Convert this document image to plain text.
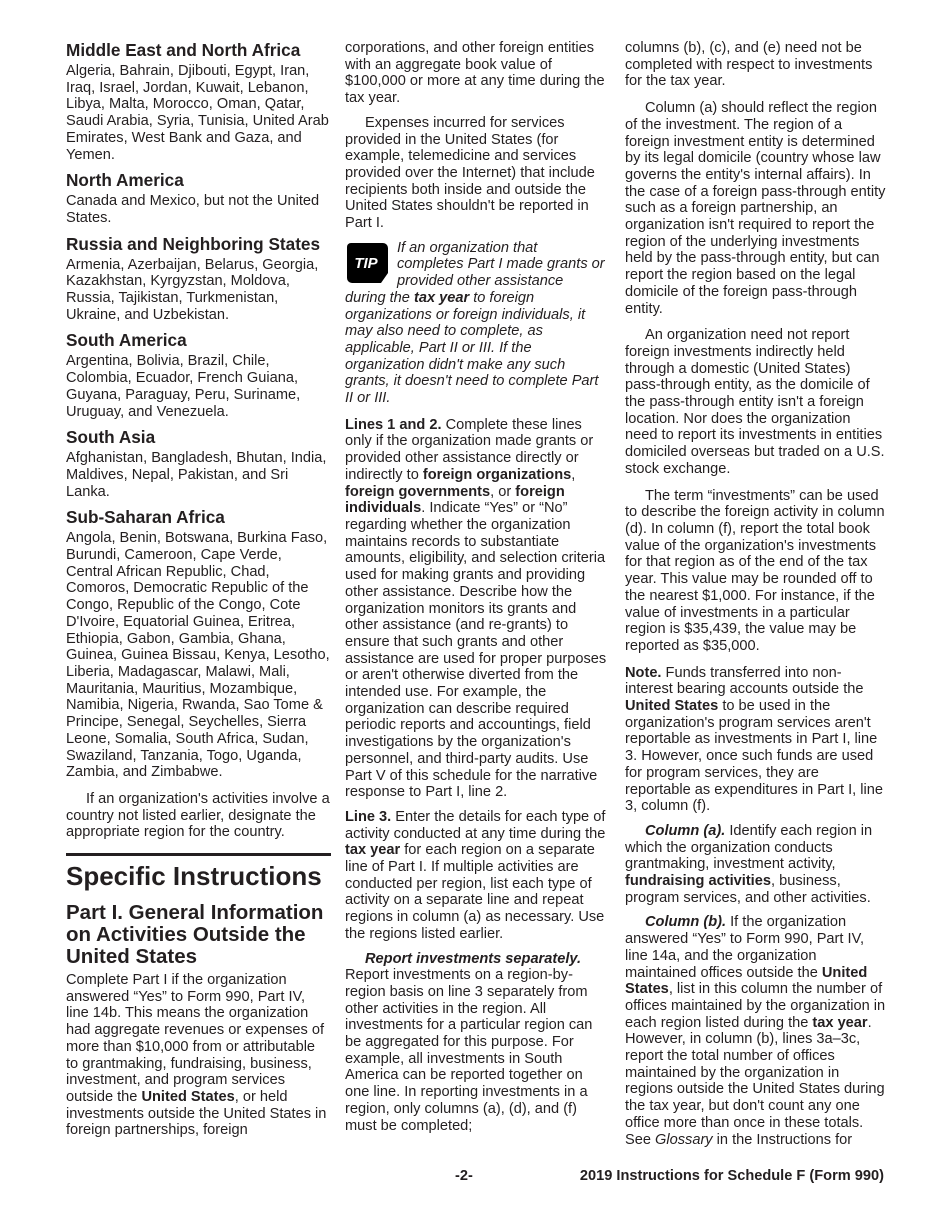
Middle East and North Africa
Algeria, Bahrain, Djibouti, Egypt, Iran, Iraq, Israel, Jordan, Kuwait, Lebanon, Libya, Malta, Morocco, Oman, Qatar, Saudi Arabia, Syria, Tunisia, United Arab Emirates, West Bank and Gaza, and Yemen.
North America
Canada and Mexico, but not the United States.
Russia and Neighboring States
Armenia, Azerbaijan, Belarus, Georgia, Kazakhstan, Kyrgyzstan, Moldova, Russia, Tajikistan, Turkmenistan, Ukraine, and Uzbekistan.
South America
Argentina, Bolivia, Brazil, Chile, Colombia, Ecuador, French Guiana, Guyana, Paraguay, Peru, Suriname, Uruguay, and Venezuela.
South Asia
Afghanistan, Bangladesh, Bhutan, India, Maldives, Nepal, Pakistan, and Sri Lanka.
Sub-Saharan Africa
Angola, Benin, Botswana, Burkina Faso, Burundi, Cameroon, Cape Verde, Central African Republic, Chad, Comoros, Democratic Republic of the Congo, Republic of the Congo, Cote D'Ivoire, Equatorial Guinea, Eritrea, Ethiopia, Gabon, Gambia, Ghana, Guinea, Guinea Bissau, Kenya, Lesotho, Liberia, Madagascar, Malawi, Mali, Mauritania, Mauritius, Mozambique, Namibia, Nigeria, Rwanda, Sao Tome & Principe, Senegal, Seychelles, Sierra Leone, Somalia, South Africa, Sudan, Swaziland, Tanzania, Togo, Uganda, Zambia, and Zimbabwe.

If an organization's activities involve a country not listed earlier, designate the appropriate region for the country.

Specific Instructions
Part I. General Information on Activities Outside the United States

Complete Part I if the organization answered “Yes” to Form 990, Part IV, line 14b. This means the organization had aggregate revenues or expenses of more than $10,000 from or attributable to grantmaking, fundraising, business, investment, and program services outside the United States, or held investments outside the United States in foreign partnerships, foreign

corporations, and other foreign entities with an aggregate book value of $100,000 or more at any time during the tax year.

Expenses incurred for services provided in the United States (for example, telemedicine and services provided over the Internet) that include recipients both inside and outside the United States shouldn't be reported in Part I.

TIP

If an organization that completes Part I made grants or provided other assistance during the tax year to foreign organizations or foreign individuals, it may also need to complete, as applicable, Part II or III. If the organization didn't make any such grants, it doesn't need to complete Part II or III.

Lines 1 and 2. Complete these lines only if the organization made grants or provided other assistance directly or indirectly to foreign organizations, foreign governments, or foreign individuals. Indicate “Yes” or “No” regarding whether the organization maintains records to substantiate amounts, eligibility, and selection criteria used for making grants and providing other assistance. Describe how the organization monitors its grants and other assistance (and re-grants) to ensure that such grants and other assistance are used for proper purposes or aren't otherwise diverted from the intended use. For example, the organization can describe required periodic reports and accountings, field investigations by the organization's personnel, and third-party audits. Use Part V of this schedule for the narrative response to Part I, line 2.

Line 3. Enter the details for each type of activity conducted at any time during the tax year for each region on a separate line of Part I. If multiple activities are conducted per region, list each type of activity on a separate line and repeat regions in column (a) as necessary. Use the regions listed earlier.

Report investments separately. Report investments on a region-by-region basis on line 3 separately from other activities in the region. All investments for a particular region can be aggregated for this purpose. For example, all investments in South America can be reported together on one line. In reporting investments in a region, only columns (a), (d), and (f) must be completed;

columns (b), (c), and (e) need not be completed with respect to investments for the tax year.

Column (a) should reflect the region of the investment. The region of a foreign investment entity is determined by its legal domicile (country whose law governs the entity's internal affairs). In the case of a foreign pass-through entity such as a foreign partnership, an organization isn't required to report the region of the underlying investments held by the pass-through entity, but can report the region based on the legal domicile of the foreign pass-through entity.

An organization need not report foreign investments indirectly held through a domestic (United States) pass-through entity, as the domicile of the pass-through entity isn't a foreign location. Nor does the organization need to report its investments in entities domiciled overseas but traded on a U.S. stock exchange.

The term “investments” can be used to describe the foreign activity in column (d). In column (f), report the total book value of the organization's investments for that region as of the end of the tax year. This value may be rounded off to the nearest $1,000. For instance, if the value of investments in a particular region is $35,439, the value may be reported as $35,000.

Note. Funds transferred into non-interest bearing accounts outside the United States to be used in the organization's program services aren't reportable as investments in Part I, line 3. However, once such funds are used for program services, they are reportable as expenditures in Part I, line 3, column (f).

Column (a). Identify each region in which the organization conducts grantmaking, investment activity, fundraising activities, business, program services, and other activities.

Column (b). If the organization answered “Yes” to Form 990, Part IV, line 14a, and the organization maintained offices outside the United States, list in this column the number of offices maintained by the organization in each region listed during the tax year. However, in column (b), lines 3a–3c, report the total number of offices maintained by the organization in regions outside the United States during the tax year, but don't count any one office more than once in these totals. See Glossary in the Instructions for

-2-	2019 Instructions for Schedule F (Form 990)
